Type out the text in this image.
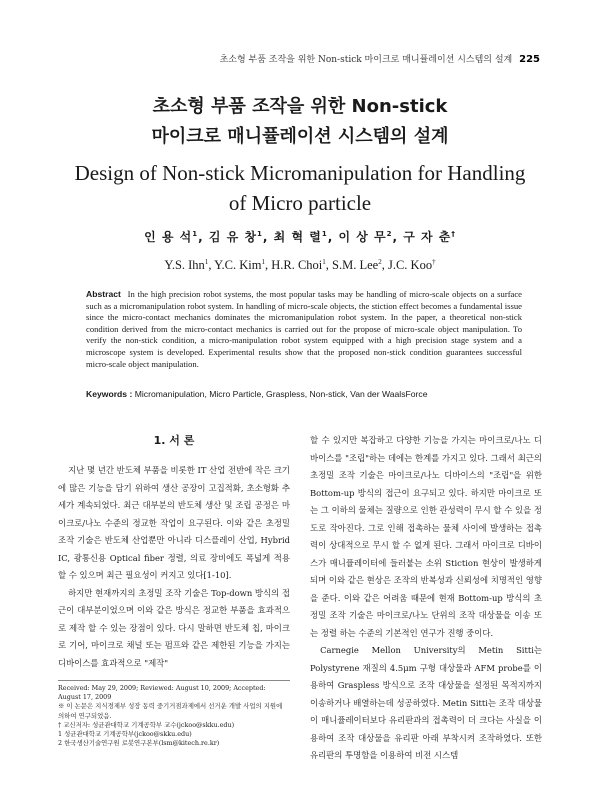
초소형 부품 조작을 위한 Non-stick 마이크로 매니퓰레이션 시스템의 설계 225
초소형 부품 조작을 위한 Non-stick
마이크로 매니퓰레이션 시스템의 설계
Design of Non-stick Micromanipulation for Handling
of Micro particle
인 용 석$^1$, 김 유 창$^1$, 최 혁 렬$^1$, 이 상 무$^2$, 구 자 춘†
Y.S. Ihn$^1$, Y.C. Kim$^1$, H.R. Choi$^1$, S.M. Lee$^2$, J.C. Koo†
Abstract In the high precision robot systems, the most popular tasks may be handling of micro-scale objects on a surface such as a micromanipulation robot system. In handling of micro-scale objects, the stiction effect becomes a fundamental issue since the micro-contact mechanics dominates the micromanipulation robot system. In the paper, a theoretical non-stick condition derived from the micro-contact mechanics is carried out for the propose of micro-scale object manipulation. To verify the non-stick condition, a micro-manipulation robot system equipped with a high precision stage system and a microscope system is developed. Experimental results show that the proposed non-stick condition guarantees successful micro-scale object manipulation.
Keywords : Micromanipulation, Micro Particle, Graspless, Non-stick, Van der WaalsForce
1. 서 론

지난 몇 년간 반도체 부품을 비롯한 IT 산업 전반에 작은 크기에 많은 기능을 담기 위하여 생산 공장이 고집적화, 초소형화 추세가 계속되었다. 최근 대부분의 반도체 생산 및 조립 공정은 마이크로/나노 수준의 정교한 작업이 요구된다. 이와 같은 초정밀 조작 기술은 반도체 산업뿐만 아니라 디스플레이 산업, Hybrid IC, 광통신용 Optical fiber 정렬, 의료 장비에도 폭넓게 적용 할 수 있으며 최근 필요성이 커지고 있다[1-10].

하지만 현재까지의 초정밀 조작 기술은 Top-down 방식의 접근이 대부분이었으며 이와 같은 방식은 정교한 부품을 효과적으로 제작 할 수 있는 장점이 있다. 다시 말하면 반도체 칩, 마이크로 기어, 마이크로 채널 또는 펌프와 같은 제한된 기능을 가지는 디바이스를 효과적으로 "제작"

할 수 있지만 복잡하고 다양한 기능을 가지는 마이크로/나노 디바이스를 "조립"하는 데에는 한계를 가지고 있다. 그래서 최근의 초정밀 조작 기술은 마이크로/나노 디바이스의 "조립"을 위한 Bottom-up 방식의 접근이 요구되고 있다. 하지만 마이크로 또는 그 이하의 물체는 질량으로 인한 관성력이 무시 할 수 있을 정도로 작아진다. 그로 인해 접촉하는 물체 사이에 발생하는 접촉력이 상대적으로 무시 할 수 없게 된다. 그래서 마이크로 디바이스가 매니퓰레이터에 들러붙는 소위 Stiction 현상이 발생하게 되며 이와 같은 현상은 조작의 반복성과 신뢰성에 치명적인 영향을 준다. 이와 같은 어려움 때문에 현재 Bottom-up 방식의 초정밀 조작 기술은 마이크로/나노 단위의 조작 대상물을 이송 또는 정렬 하는 수준의 기본적인 연구가 진행 중이다.

Carnegie Mellon University의 Metin Sitti는 Polystyrene 재질의 4.5μm 구형 대상물과 AFM probe를 이용하여 Graspless 방식으로 조작 대상물을 설정된 목적지까지 이송하거나 배열하는데 성공하였다. Metin Sitti는 조작 대상물이 매니퓰레이터보다 유리판과의 접촉력이 더 크다는 사실을 이용하여 조작 대상물을 유리판 아래 부착시켜 조작하였다. 또한 유리판의 투명함을 이용하여 비전 시스템

Received: May 29, 2009; Reviewed: August 10, 2009; Accepted: August 17, 2009
※ 이 논문은 지식경제부 성장 동력 중기거점과제에서 선거운 개발 사업의 지원에 의하여 연구되었음.
† 교신저자: 성균관대학교 기계공학부 교수(jckoo@skku.edu)
1 성균관대학교 기계공학부(jckoo@skku.edu)
2 한국생산기술연구원 로봇연구본부(lsm@kitech.re.kr)
